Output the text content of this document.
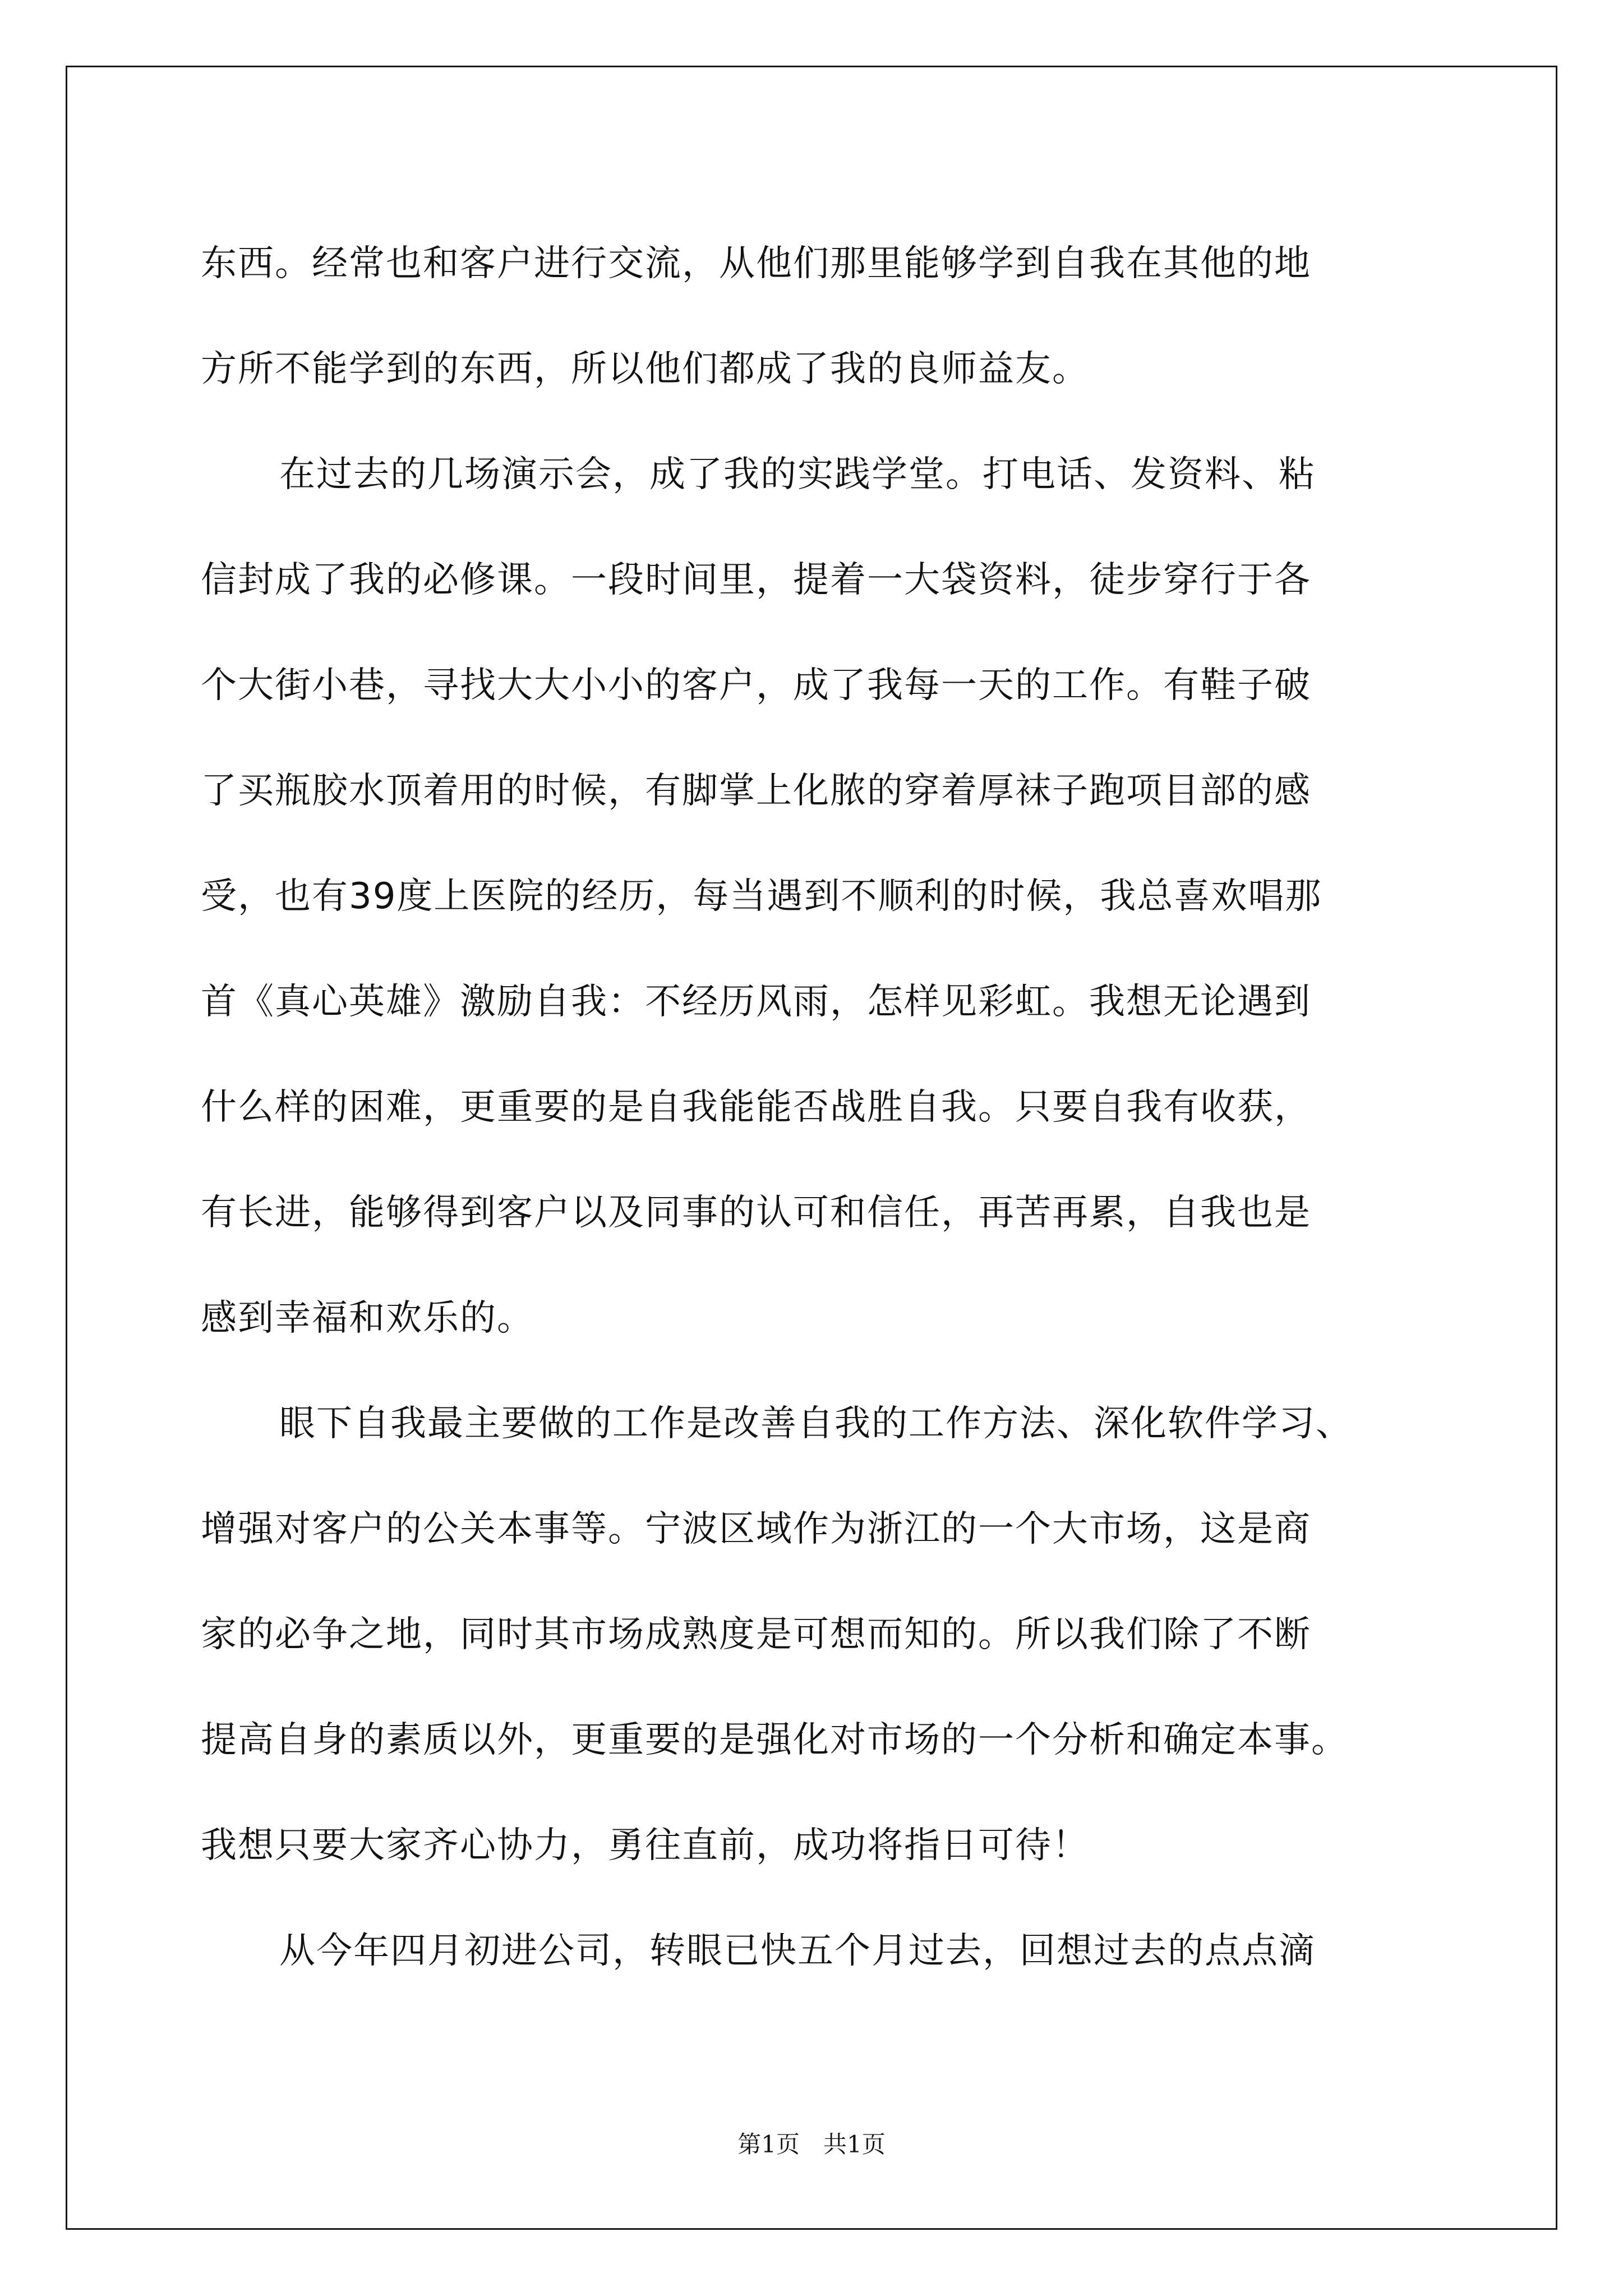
东西。经常也和客户进行交流，从他们那里能够学到自我在其他的地
方所不能学到的东西，所以他们都成了我的良师益友。
在过去的几场演示会，成了我的实践学堂。打电话、发资料、粘
信封成了我的必修课。一段时间里，提着一大袋资料，徒步穿行于各
个大街小巷，寻找大大小小的客户，成了我每一天的工作。有鞋子破
了买瓶胶水顶着用的时候，有脚掌上化脓的穿着厚袜子跑项目部的感
受，也有39度上医院的经历，每当遇到不顺利的时候，我总喜欢唱那
首《真心英雄》激励自我：不经历风雨，怎样见彩虹。我想无论遇到
什么样的困难，更重要的是自我能能否战胜自我。只要自我有收获，
有长进，能够得到客户以及同事的认可和信任，再苦再累，自我也是
感到幸福和欢乐的。
眼下自我最主要做的工作是改善自我的工作方法、深化软件学习、
增强对客户的公关本事等。宁波区域作为浙江的一个大市场，这是商
家的必争之地，同时其市场成熟度是可想而知的。所以我们除了不断
提高自身的素质以外，更重要的是强化对市场的一个分析和确定本事。
我想只要大家齐心协力，勇往直前，成功将指日可待！
从今年四月初进公司，转眼已快五个月过去，回想过去的点点滴
第1页　共1页
